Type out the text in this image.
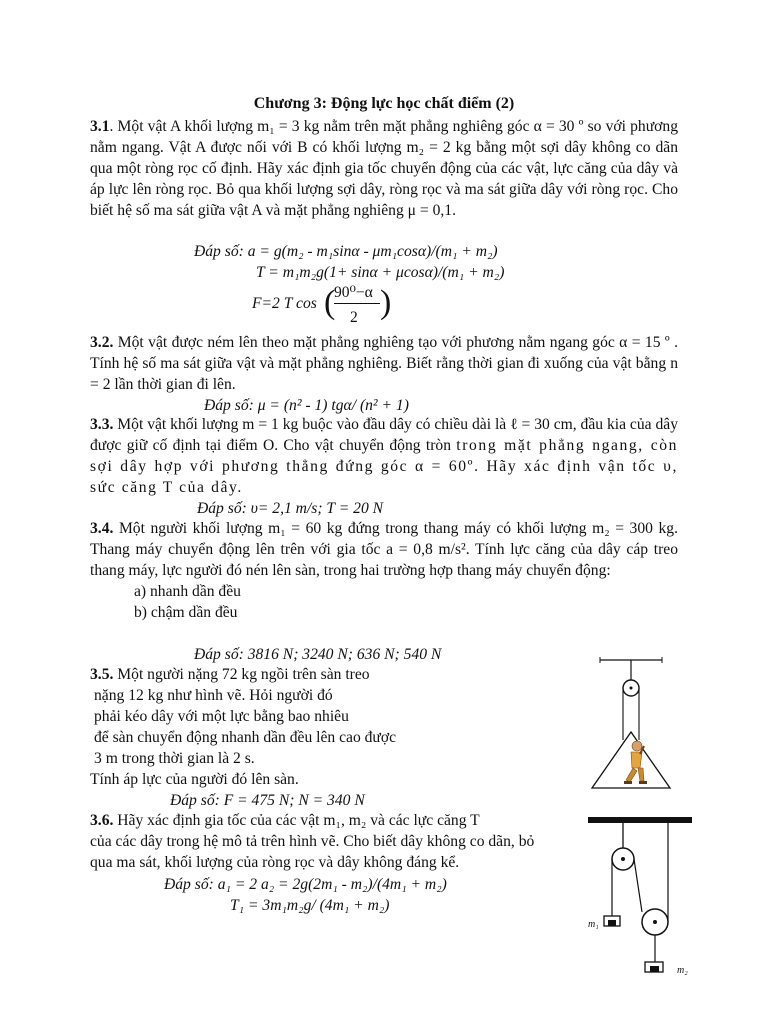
Chương 3: Động lực học chất điểm (2)

3.1. Một vật A khối lượng m₁ = 3 kg nằm trên mặt phẳng nghiêng góc α = 30 º so với phương nằm ngang. Vật A được nối với B có khối lượng m₂ = 2 kg bằng một sợi dây không co dãn qua một ròng rọc cố định. Hãy xác định gia tốc chuyển động của các vật, lực căng của dây và áp lực lên ròng rọc. Bỏ qua khối lượng sợi dây, ròng rọc và ma sát giữa dây với ròng rọc. Cho biết hệ số ma sát giữa vật A và mặt phẳng nghiêng μ = 0,1.

Đáp số: a = g(m₂ - m₁sinα - μm₁cosα)/(m₁ + m₂)
T = m₁m₂g(1+ sinα + μcosα)/(m₁ + m₂)
F=2 T cos (
90⁰−α
2 )

3.2. Một vật được ném lên theo mặt phẳng nghiêng tạo với phương nằm ngang góc α = 15 º . Tính hệ số ma sát giữa vật và mặt phẳng nghiêng. Biết rằng thời gian đi xuống của vật bằng n = 2 lần thời gian đi lên.

Đáp số: μ = (n² - 1) tgα/ (n² + 1)

3.3. Một vật khối lượng m = 1 kg buộc vào đầu dây có chiều dài là ℓ = 30 cm, đầu kia của dây được giữ cố định tại điểm O. Cho vật chuyển động tròn trong mặt phẳng ngang, còn sợi dây hợp với phương thẳng đứng góc α = 60º. Hãy xác định vận tốc υ, sức căng T của dây.

Đáp số: υ= 2,1 m/s; T = 20 N

3.4. Một người khối lượng m₁ = 60 kg đứng trong thang máy có khối lượng m₂ = 300 kg. Thang máy chuyển động lên trên với gia tốc a = 0,8 m/s². Tính lực căng của dây cáp treo thang máy, lực người đó nén lên sàn, trong hai trường hợp thang máy chuyển động:

a) nhanh dần đều

b) chậm dần đều

Đáp số: 3816 N; 3240 N; 636 N; 540 N

3.5. Một người nặng 72 kg ngồi trên sàn treo

nặng 12 kg như hình vẽ. Hỏi người đó

phải kéo dây với một lực bằng bao nhiêu

để sàn chuyển động nhanh dần đều lên cao được

3 m trong thời gian là 2 s.

Tính áp lực của người đó lên sàn.

Đáp số: F = 475 N; N = 340 N

3.6. Hãy xác định gia tốc của các vật m₁, m₂ và các lực căng T

của các dây trong hệ mô tả trên hình vẽ. Cho biết dây không co dãn, bỏ

qua ma sát, khối lượng của ròng rọc và dây không đáng kể.

Đáp số: a₁ = 2 a₂ = 2g(2m₁ - m₂)/(4m₁ + m₂)
T₁ = 3m₁m₂g/ (4m₁ + m₂)
m₁
m₂
